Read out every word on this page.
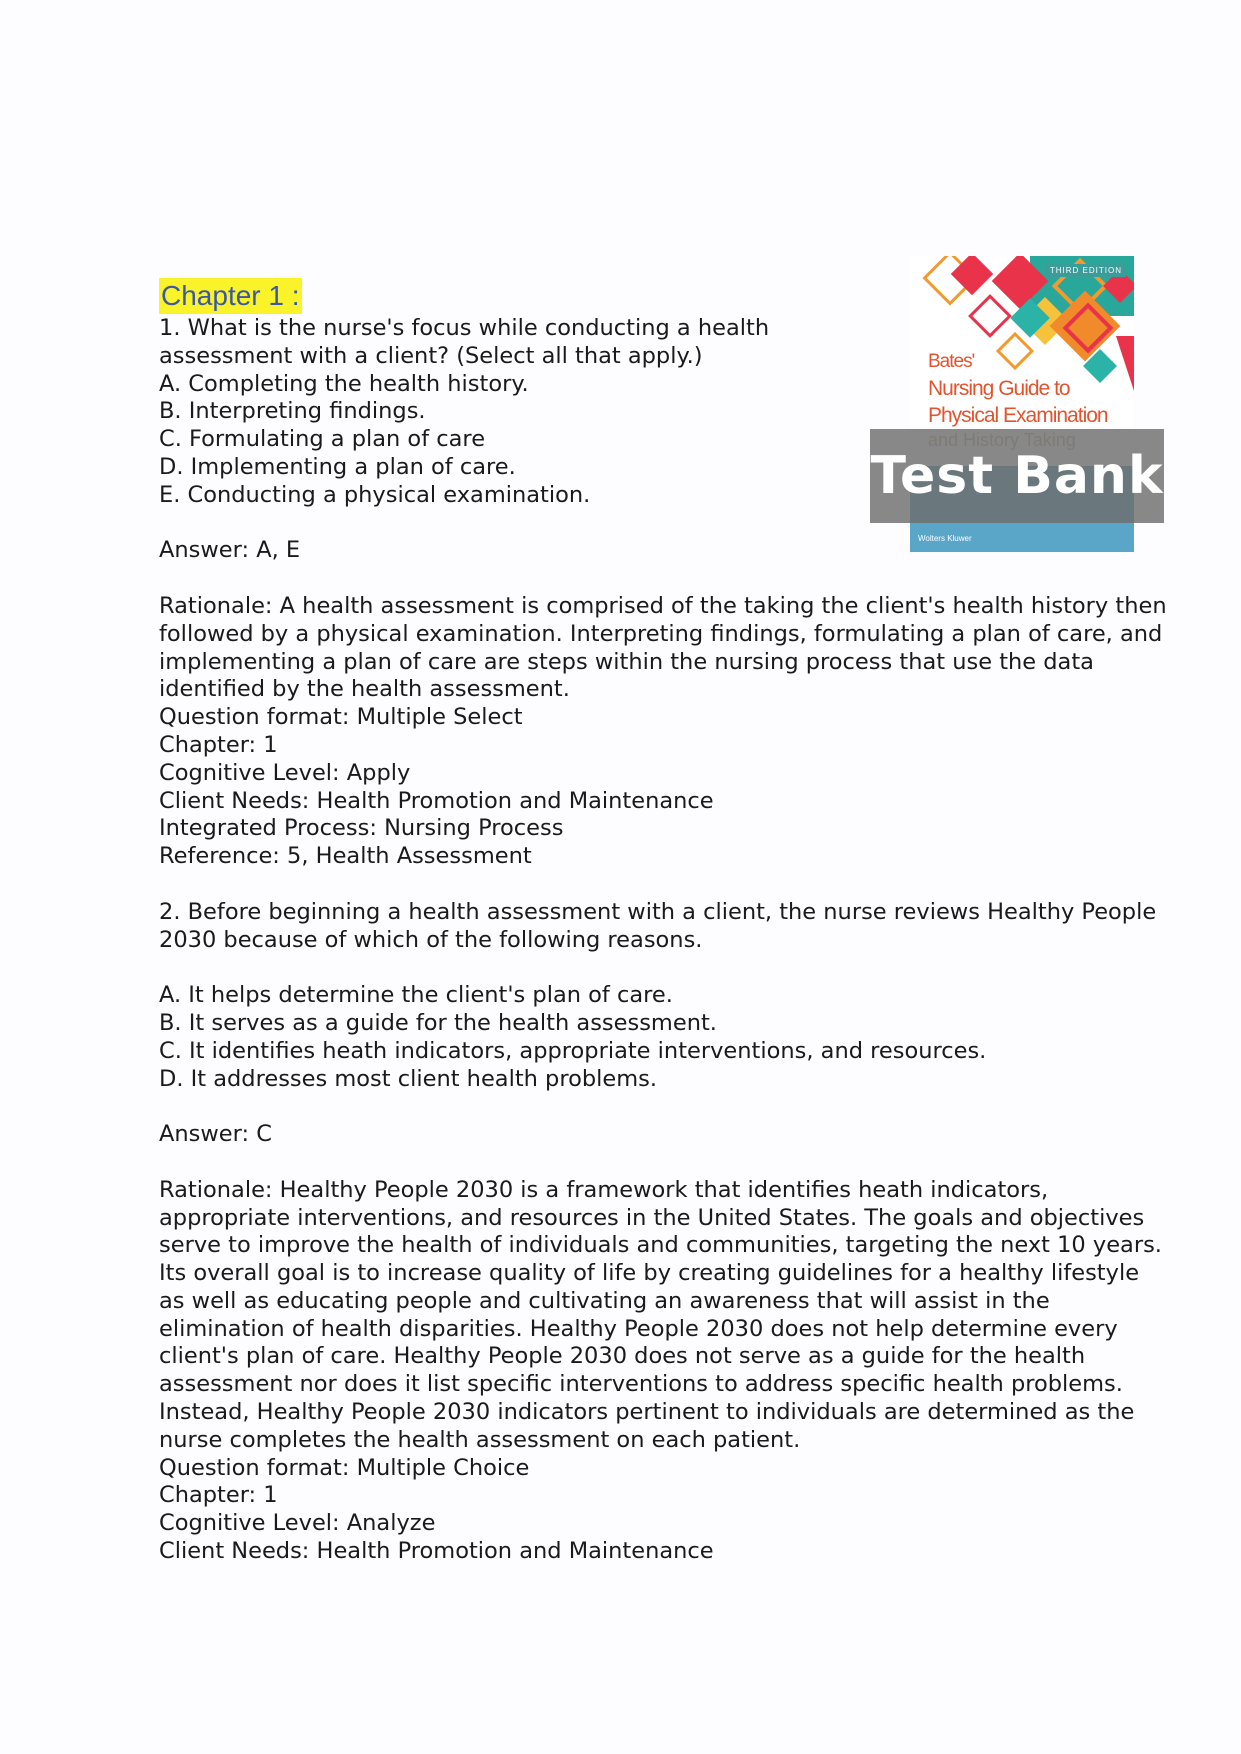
THIRD EDITION
Bates'
Nursing Guide to
Physical Examination
Wolters Kluwer
Test Bank
Chapter 1 :
1. What is the nurse's focus while conducting a health
assessment with a client? (Select all that apply.)
A. Completing the health history.
B. Interpreting findings.
C. Formulating a plan of care
D. Implementing a plan of care.
E. Conducting a physical examination.
Answer: A, E
Rationale: A health assessment is comprised of the taking the client's health history then
followed by a physical examination. Interpreting findings, formulating a plan of care, and
implementing a plan of care are steps within the nursing process that use the data
identified by the health assessment.
Question format: Multiple Select
Chapter: 1
Cognitive Level: Apply
Client Needs: Health Promotion and Maintenance
Integrated Process: Nursing Process
Reference: 5, Health Assessment
2. Before beginning a health assessment with a client, the nurse reviews Healthy People
2030 because of which of the following reasons.
A. It helps determine the client's plan of care.
B. It serves as a guide for the health assessment.
C. It identifies heath indicators, appropriate interventions, and resources.
D. It addresses most client health problems.
Answer: C
Rationale: Healthy People 2030 is a framework that identifies heath indicators,
appropriate interventions, and resources in the United States. The goals and objectives
serve to improve the health of individuals and communities, targeting the next 10 years.
Its overall goal is to increase quality of life by creating guidelines for a healthy lifestyle
as well as educating people and cultivating an awareness that will assist in the
elimination of health disparities. Healthy People 2030 does not help determine every
client's plan of care. Healthy People 2030 does not serve as a guide for the health
assessment nor does it list specific interventions to address specific health problems.
Instead, Healthy People 2030 indicators pertinent to individuals are determined as the
nurse completes the health assessment on each patient.
Question format: Multiple Choice
Chapter: 1
Cognitive Level: Analyze
Client Needs: Health Promotion and Maintenance
